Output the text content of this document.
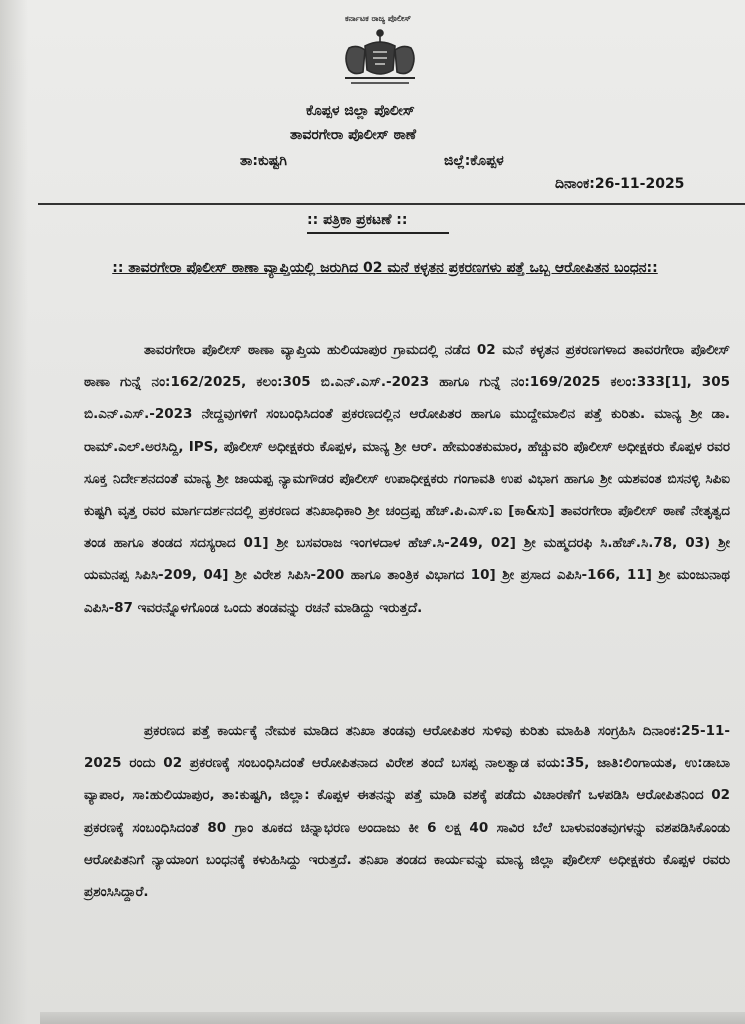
ಕರ್ನಾಟಕ ರಾಜ್ಯ ಪೊಲೀಸ್
ಕೊಪ್ಪಳ ಜಿಲ್ಲಾ ಪೊಲೀಸ್
ತಾವರಗೇರಾ ಪೊಲೀಸ್ ಠಾಣೆ
ತಾ:ಕುಷ್ಟಗಿ	ಜಿಲ್ಲೆ:ಕೊಪ್ಪಳ
ದಿನಾಂಕ:26-11-2025
:: ಪತ್ರಿಕಾ ಪ್ರಕಟಣೆ ::
:: ತಾವರಗೇರಾ ಪೊಲೀಸ್ ಠಾಣಾ ವ್ಯಾಪ್ತಿಯಲ್ಲಿ ಜರುಗಿದ 02 ಮನೆ ಕಳ್ಳತನ ಪ್ರಕರಣಗಳು ಪತ್ತೆ ಒಬ್ಬ ಆರೋಪಿತನ ಬಂಧನ::
ತಾವರಗೇರಾ ಪೊಲೀಸ್ ಠಾಣಾ ವ್ಯಾಪ್ತಿಯ ಹುಲಿಯಾಪುರ ಗ್ರಾಮದಲ್ಲಿ ನಡೆದ 02 ಮನೆ ಕಳ್ಳತನ ಪ್ರಕರಣಗಳಾದ ತಾವರಗೇರಾ ಪೊಲೀಸ್ ಠಾಣಾ ಗುನ್ನೆ ನಂ:162/2025, ಕಲಂ:305 ಬಿ.ಎನ್.ಎಸ್.-2023 ಹಾಗೂ ಗುನ್ನೆ ನಂ:169/2025 ಕಲಂ:333[1], 305 ಬಿ.ಎನ್.ಎಸ್.-2023 ನೇದ್ದವುಗಳಿಗೆ ಸಂಬಂಧಿಸಿದಂತೆ ಪ್ರಕರಣದಲ್ಲಿನ ಆರೋಪಿತರ ಹಾಗೂ ಮುದ್ದೇಮಾಲಿನ ಪತ್ತೆ ಕುರಿತು. ಮಾನ್ಯ ಶ್ರೀ ಡಾ. ರಾಮ್.ಎಲ್.ಅರಸಿದ್ದಿ, IPS, ಪೊಲೀಸ್ ಅಧೀಕ್ಷಕರು ಕೊಪ್ಪಳ, ಮಾನ್ಯ ಶ್ರೀ ಆರ್. ಹೇಮಂತಕುಮಾರ, ಹೆಚ್ಚುವರಿ ಪೊಲೀಸ್ ಅಧೀಕ್ಷಕರು ಕೊಪ್ಪಳ ರವರ ಸೂಕ್ತ ನಿರ್ದೇಶನದಂತೆ ಮಾನ್ಯ ಶ್ರೀ ಜಾಯಪ್ಪ ನ್ಯಾಮಗೌಡರ ಪೊಲೀಸ್ ಉಪಾಧೀಕ್ಷಕರು ಗಂಗಾವತಿ ಉಪ ವಿಭಾಗ ಹಾಗೂ ಶ್ರೀ ಯಶವಂತ ಬಿಸನಳ್ಳಿ ಸಿಪಿಐ ಕುಷ್ಟಗಿ ವೃತ್ತ ರವರ ಮಾರ್ಗದರ್ಶನದಲ್ಲಿ ಪ್ರಕರಣದ ತನಿಖಾಧಿಕಾರಿ ಶ್ರೀ ಚಂದ್ರಪ್ಪ ಹೆಚ್.ಪಿ.ಎಸ್.ಐ [ಕಾ&ಸು] ತಾವರಗೇರಾ ಪೊಲೀಸ್ ಠಾಣೆ ನೇತೃತ್ವದ ತಂಡ ಹಾಗೂ ತಂಡದ ಸದಸ್ಯರಾದ 01] ಶ್ರೀ ಬಸವರಾಜ ಇಂಗಳದಾಳ ಹೆಚ್.ಸಿ-249, 02] ಶ್ರೀ ಮಹ್ಮದರಫಿ ಸಿ.ಹೆಚ್.ಸಿ.78, 03) ಶ್ರೀ ಯಮನಪ್ಪ ಸಿಪಿಸಿ-209, 04] ಶ್ರೀ ವಿರೇಶ ಸಿಪಿಸಿ-200 ಹಾಗೂ ತಾಂತ್ರಿಕ ವಿಭಾಗದ 10] ಶ್ರೀ ಪ್ರಸಾದ ಎಪಿಸಿ-166, 11] ಶ್ರೀ ಮಂಜುನಾಥ ಎಪಿಸಿ-87 ಇವರನ್ನೊಳಗೊಂಡ ಒಂದು ತಂಡವನ್ನು ರಚನೆ ಮಾಡಿದ್ದು ಇರುತ್ತದೆ.
ಪ್ರಕರಣದ ಪತ್ತೆ ಕಾರ್ಯಕ್ಕೆ ನೇಮಕ ಮಾಡಿದ ತನಿಖಾ ತಂಡವು ಆರೋಪಿತರ ಸುಳಿವು ಕುರಿತು ಮಾಹಿತಿ ಸಂಗ್ರಹಿಸಿ ದಿನಾಂಕ:25-11-2025 ರಂದು 02 ಪ್ರಕರಣಕ್ಕೆ ಸಂಬಂಧಿಸಿದಂತೆ ಆರೋಪಿತನಾದ ವಿರೇಶ ತಂದೆ ಬಸಪ್ಪ ನಾಲತ್ವಾಡ ವಯ:35, ಜಾತಿ:ಲಿಂಗಾಯತ, ಉ:ಡಾಬಾ ವ್ಯಾಪಾರ, ಸಾ:ಹುಲಿಯಾಪುರ, ತಾ:ಕುಷ್ಟಗಿ, ಜಿಲ್ಲಾ: ಕೊಪ್ಪಳ ಈತನನ್ನು ಪತ್ತೆ ಮಾಡಿ ವಶಕ್ಕೆ ಪಡೆದು ವಿಚಾರಣೆಗೆ ಒಳಪಡಿಸಿ ಆರೋಪಿತನಿಂದ 02 ಪ್ರಕರಣಕ್ಕೆ ಸಂಬಂಧಿಸಿದಂತೆ 80 ಗ್ರಾಂ ತೂಕದ ಚಿನ್ನಾಭರಣ ಅಂದಾಜು ಕೀ 6 ಲಕ್ಷ 40 ಸಾವಿರ ಬೆಲೆ ಬಾಳುವಂತವುಗಳನ್ನು ವಶಪಡಿಸಿಕೊಂಡು ಆರೋಪಿತನಿಗೆ ನ್ಯಾಯಾಂಗ ಬಂಧನಕ್ಕೆ ಕಳುಹಿಸಿದ್ದು ಇರುತ್ತದೆ. ತನಿಖಾ ತಂಡದ ಕಾರ್ಯವನ್ನು ಮಾನ್ಯ ಜಿಲ್ಲಾ ಪೊಲೀಸ್ ಅಧೀಕ್ಷಕರು ಕೊಪ್ಪಳ ರವರು ಪ್ರಶಂಸಿಸಿದ್ದಾರೆ.
